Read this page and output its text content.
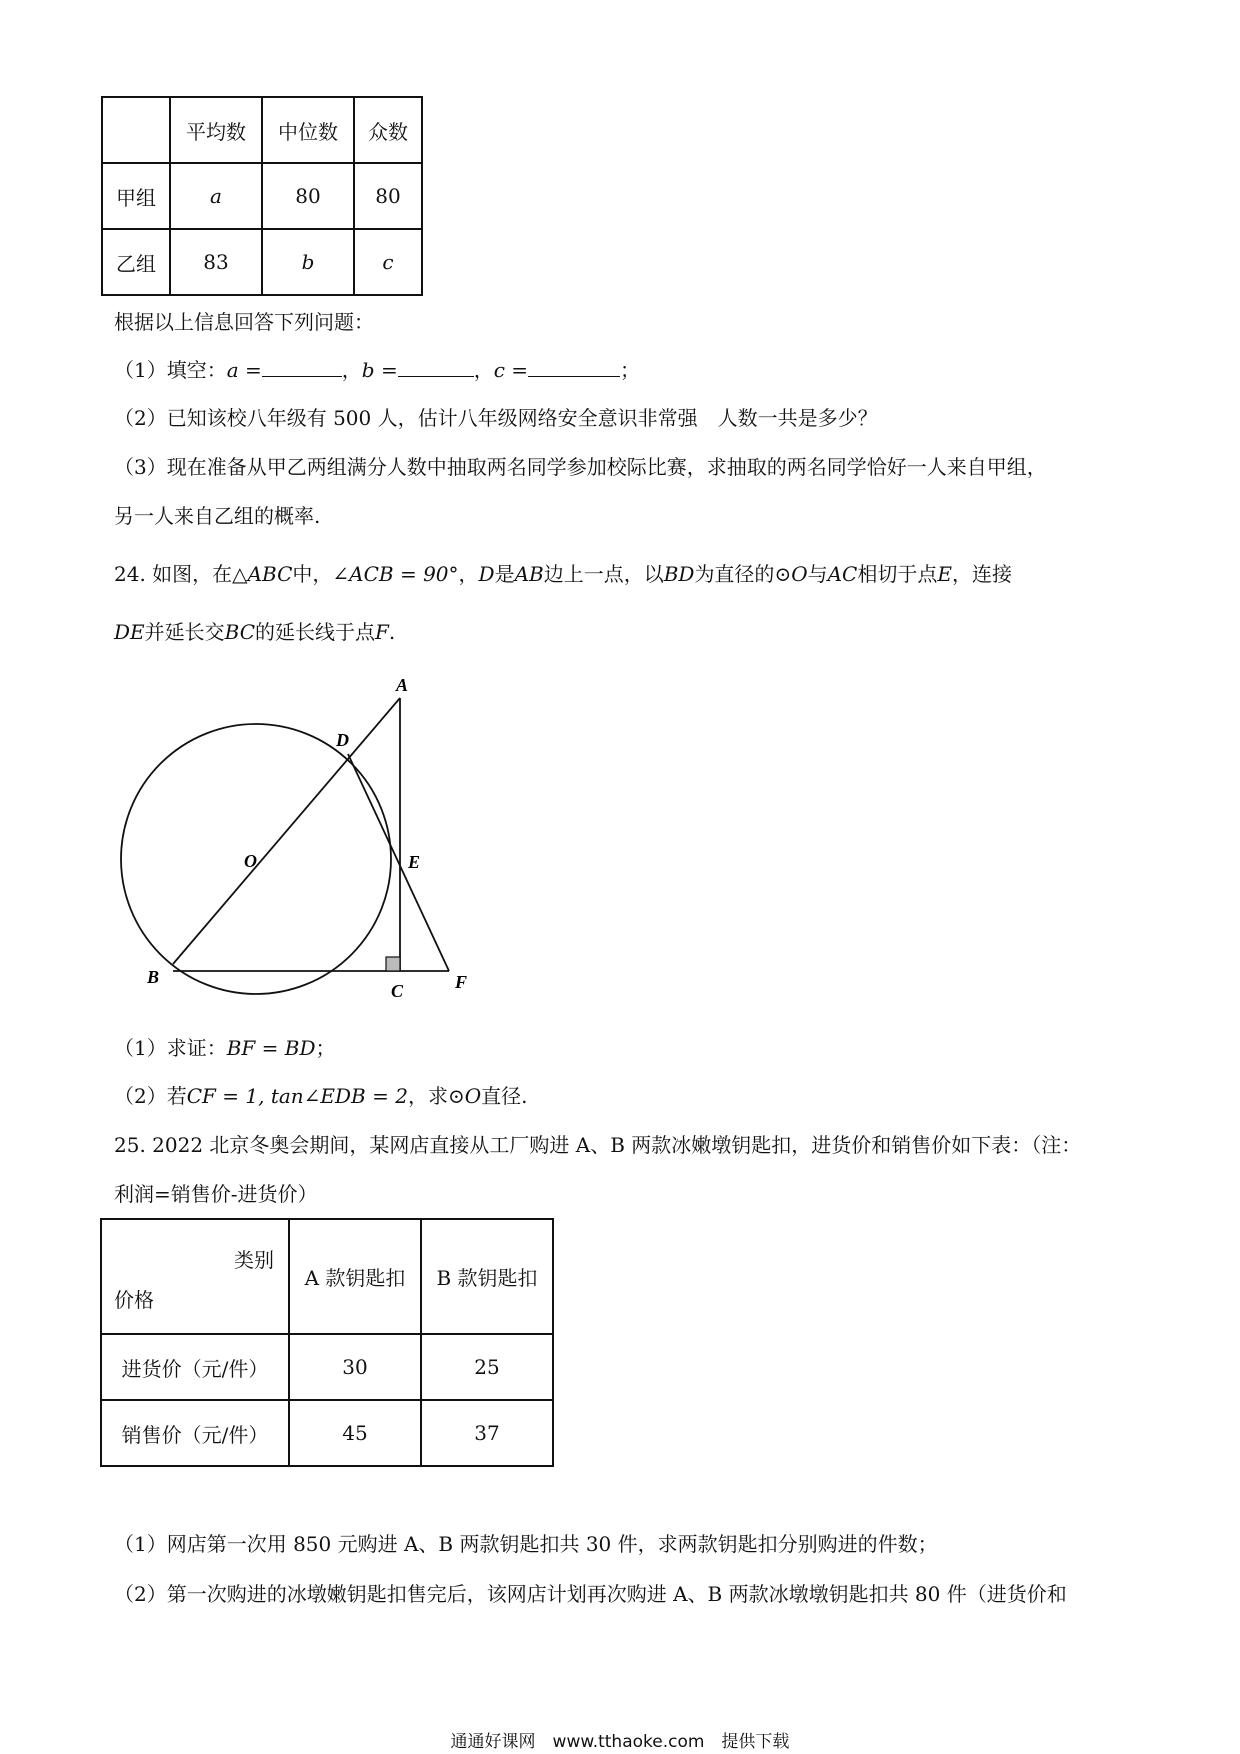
	平均数	中位数	众数
甲组	a	80	80
乙组	83	b	c
根据以上信息回答下列问题：
（1）填空：a =	，b =	，c =	；
（2）已知该校八年级有 500 人，估计八年级网络安全意识非常强　人数一共是多少？
（3）现在准备从甲乙两组满分人数中抽取两名同学参加校际比赛，求抽取的两名同学恰好一人来自甲组，
另一人来自乙组的概率.
24. 如图，在△ABC中，∠ACB = 90°，D是AB边上一点，以BD为直径的⊙O与AC相切于点E，连接
DE并延长交BC的延长线于点F.
A
D
O	E
B
C	F
（1）求证：BF = BD；
（2）若CF = 1, tan∠EDB = 2，求⊙O直径.
25. 2022 北京冬奥会期间，某网店直接从工厂购进 A、B 两款冰嫩墩钥匙扣，进货价和销售价如下表：（注：
利润=销售价-进货价）
类别
价格	A 款钥匙扣	B 款钥匙扣
进货价（元/件）	30	25
销售价（元/件）	45	37
（1）网店第一次用 850 元购进 A、B 两款钥匙扣共 30 件，求两款钥匙扣分别购进的件数；
（2）第一次购进的冰墩嫩钥匙扣售完后，该网店计划再次购进 A、B 两款冰墩墩钥匙扣共 80 件（进货价和
通通好课网　www.tthaoke.com　提供下载
